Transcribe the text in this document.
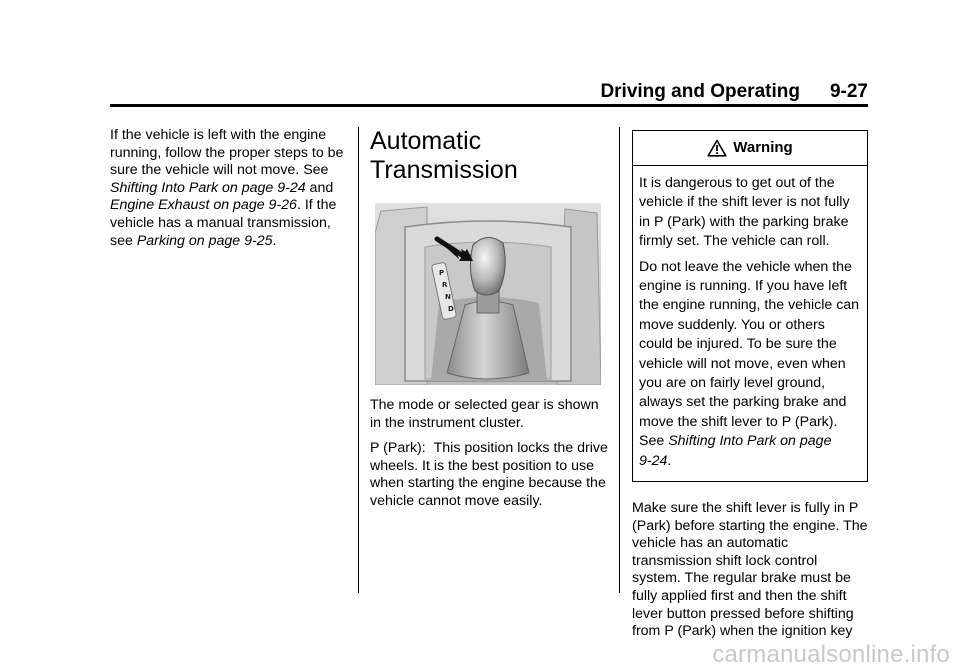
Driving and Operating 9-27

If the vehicle is left with the engine running, follow the proper steps to be sure the vehicle will not move. See Shifting Into Park on page 9‑24 and Engine Exhaust on page 9‑26. If the vehicle has a manual transmission, see Parking on page 9‑25.

Automatic
Transmission
P
R
N
D

The mode or selected gear is shown in the instrument cluster.

P (Park): This position locks the drive wheels. It is the best position to use when starting the engine because the vehicle cannot move easily.

Warning

It is dangerous to get out of the vehicle if the shift lever is not fully in P (Park) with the parking brake firmly set. The vehicle can roll.

Do not leave the vehicle when the engine is running. If you have left the engine running, the vehicle can move suddenly. You or others could be injured. To be sure the vehicle will not move, even when you are on fairly level ground, always set the parking brake and move the shift lever to P (Park). See Shifting Into Park on page 9‑24.

Make sure the shift lever is fully in P (Park) before starting the engine. The vehicle has an automatic transmission shift lock control system. The regular brake must be fully applied first and then the shift lever button pressed before shifting from P (Park) when the ignition key

carmanualsonline.info
